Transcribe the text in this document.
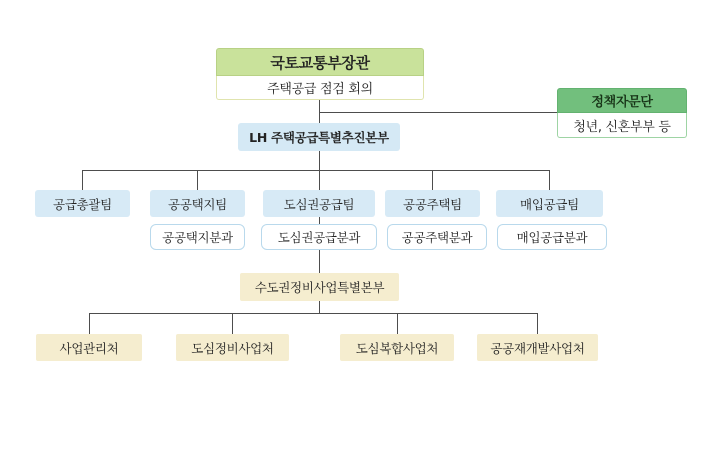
국토교통부장관
주택공급 점검 회의
정책자문단
청년, 신혼부부 등
LH 주택공급특별추진본부
공급총괄팀	공공택지팀	도심권공급팀	공공주택팀	매입공급팀
공공택지분과	도심권공급분과	공공주택분과	매입공급분과
수도권정비사업특별본부
사업관리처	도심정비사업처	도심복합사업처	공공재개발사업처
